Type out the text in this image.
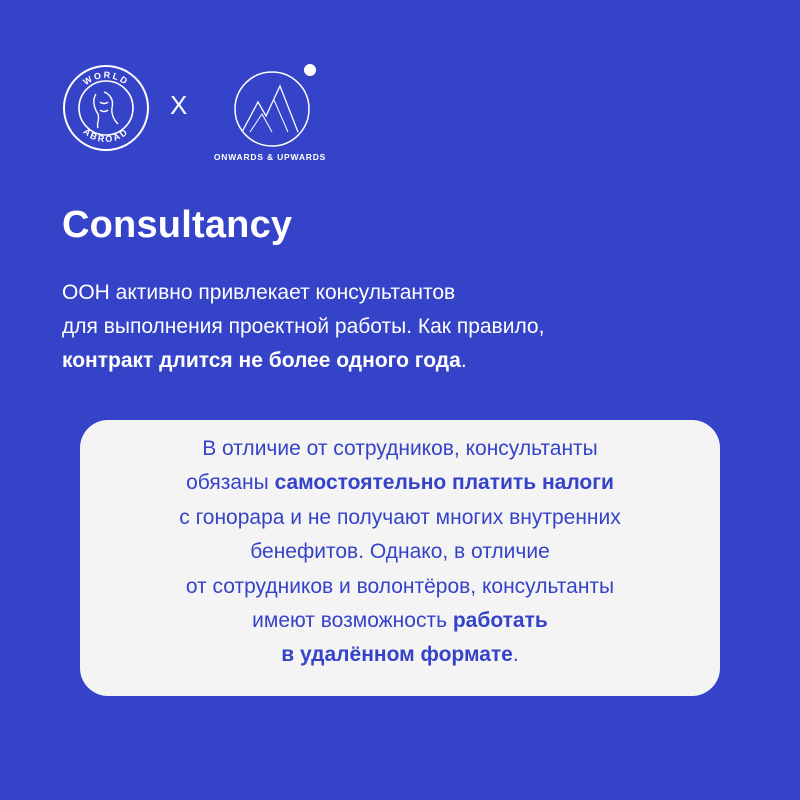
WORLD
ABROAD
X
ONWARDS & UPWARDS
Consultancy
ООН активно привлекает консультантов
для выполнения проектной работы. Как правило,
контракт длится не более одного года.
В отличие от сотрудников, консультанты
обязаны самостоятельно платить налоги
с гонорара и не получают многих внутренних
бенефитов. Однако, в отличие
от сотрудников и волонтёров, консультанты
имеют возможность работать
в удалённом формате.
